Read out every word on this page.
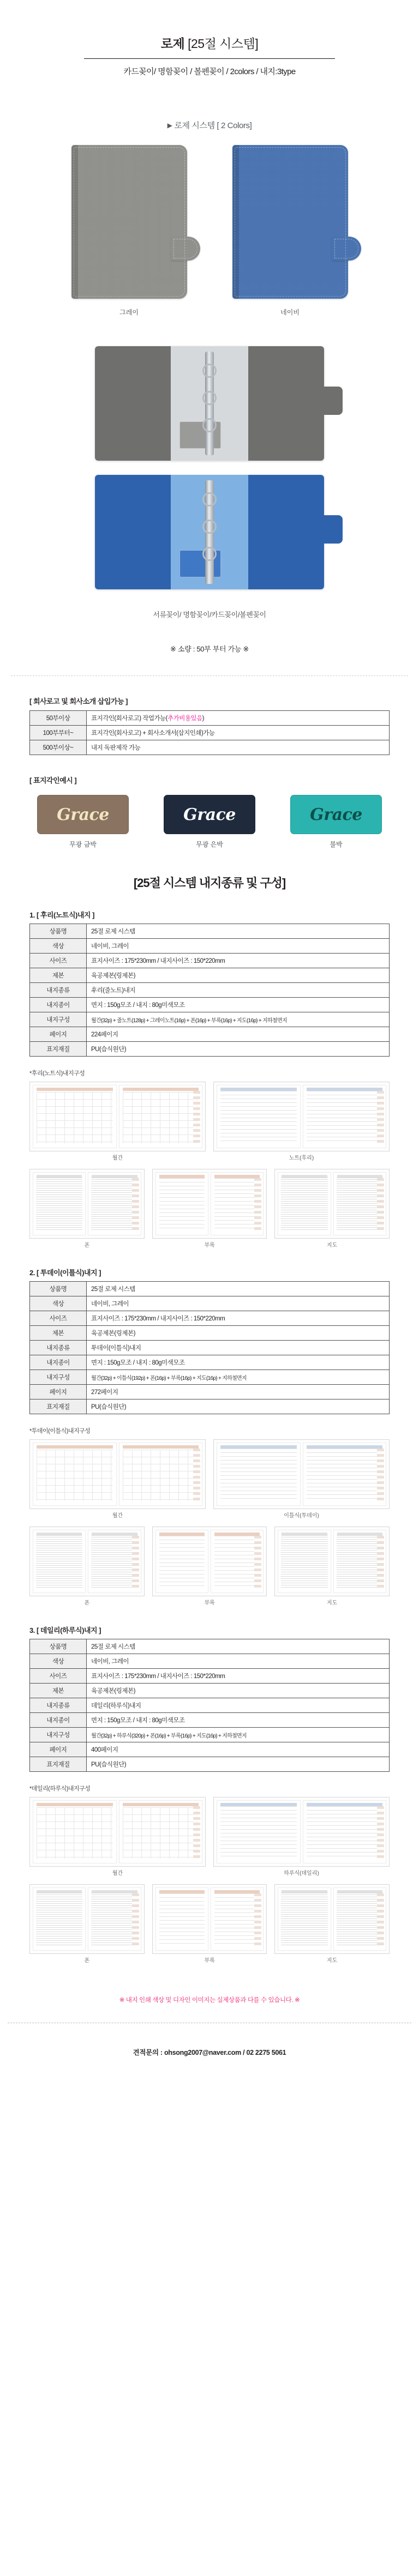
로제 [25절 시스템]
카드꽂이/ 명함꽂이 / 볼펜꽂이 / 2colors / 내지:3type
▶ 로제 시스템 [ 2 Colors]
그레이	네이비
서류꽂이/ 명함꽂이/카드꽂이/볼펜꽂이
※ 소량 : 50부 부터 가능 ※
[ 회사로고 및 회사소개 삽입가능 ]
50부이상	표지각인(회사로고) 작업가능(추가비용있음)
100부부터~	표지각인(회사로고) + 회사소개서(삽지인쇄)가능
500부이상~	내지 독판제작 가능
[ 표지각인예시 ]
Grace
무광 금박
Grace
무광 은박
Grace
불박
[25절 시스템 내지종류 및 구성]
1. [ 후리(노트식)내지 ]
상품명	25절 로제 시스템
색상	네이비, 그레이
사이즈	표지사이즈 : 175*230mm / 내지사이즈 : 150*220mm
제본	육공제본(링제본)
내지종류	후리(줄노트)내지
내지종이	면지 : 150g모조 / 내지 : 80g미색모조
내지구성	월간(32p) + 줄노트(128p) + 그레이노트(16p) + 폰(16p) + 부록(16p) + 지도(16p) + 지하철면지
페이지	224페이지
표지재질	PU(습식원단)
*후리(노트식)내지구성
월간	노트(후리)
폰	부록	지도
2. [ 투데이(이틀식)내지 ]
상품명	25절 로제 시스템
색상	네이비, 그레이
사이즈	표지사이즈 : 175*230mm / 내지사이즈 : 150*220mm
제본	육공제본(링제본)
내지종류	투데이(이틀식)내지
내지종이	면지 : 150g모조 / 내지 : 80g미색모조
내지구성	월간(32p) + 이틀식(192p) + 폰(16p) + 부록(16p) + 지도(16p) + 지하철면지
페이지	272페이지
표지재질	PU(습식원단)
*투데이(이틀식)내지구성
월간	이틀식(투데이)
폰	부록	지도
3. [ 데일리(하루식)내지 ]
상품명	25절 로제 시스템
색상	네이비, 그레이
사이즈	표지사이즈 : 175*230mm / 내지사이즈 : 150*220mm
제본	육공제본(링제본)
내지종류	데일리(하루식)내지
내지종이	면지 : 150g모조 / 내지 : 80g미색모조
내지구성	월간(32p) + 하루식(320p) + 폰(16p) + 부록(16p) + 지도(16p) + 지하철면지
페이지	400페이지
표지재질	PU(습식원단)
*데일리(하루식)내지구성
월간	하루식(데일리)
폰	부록	지도
※ 내지 인쇄 색상 및 디자인 이미지는 실제상품과 다를 수 있습니다. ※
견적문의 : ohsong2007@naver.com / 02 2275 5061
